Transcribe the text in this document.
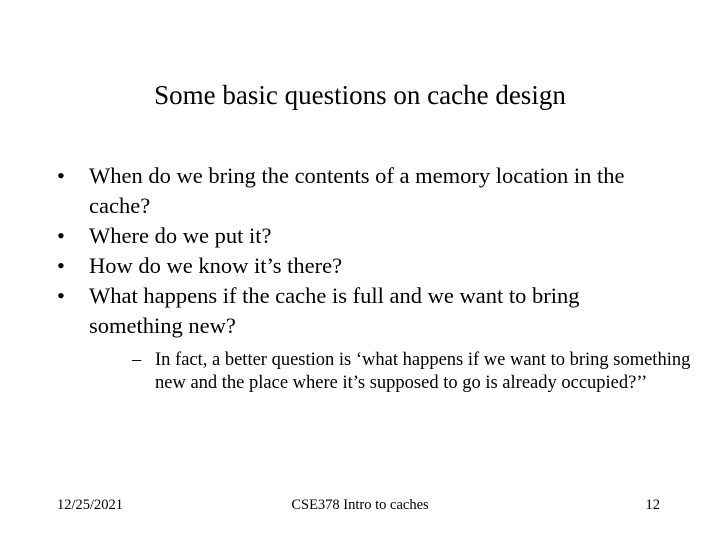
Some basic questions on cache design
• When do we bring the contents of a memory location in the cache?
• Where do we put it?
• How do we know it’s there?
• What happens if the cache is full and we want to bring something new?
– In fact, a better question is ‘what happens if we want to bring something new and the place where it’s supposed to go is already occupied?’’
12/25/2021	CSE378 Intro to caches	12
